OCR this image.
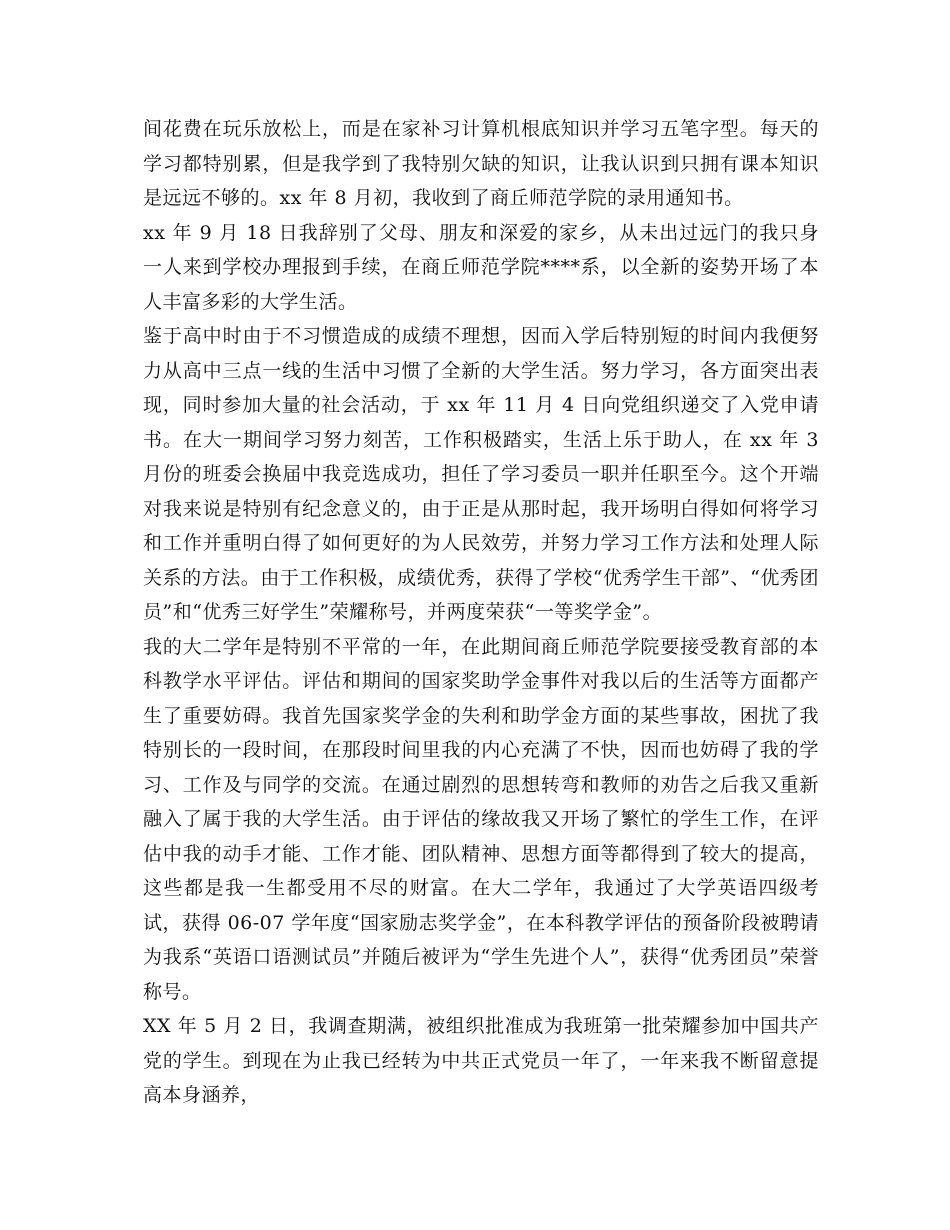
间花费在玩乐放松上，而是在家补习计算机根底知识并学习五笔字型。每天的学习都特别累，但是我学到了我特别欠缺的知识，让我认识到只拥有课本知识是远远不够的。xx 年 8 月初，我收到了商丘师范学院的录用通知书。

xx 年 9 月 18 日我辞别了父母、朋友和深爱的家乡，从未出过远门的我只身一人来到学校办理报到手续，在商丘师范学院****系，以全新的姿势开场了本人丰富多彩的大学生活。

鉴于高中时由于不习惯造成的成绩不理想，因而入学后特别短的时间内我便努力从高中三点一线的生活中习惯了全新的大学生活。努力学习，各方面突出表现，同时参加大量的社会活动，于 xx 年 11 月 4 日向党组织递交了入党申请书。在大一期间学习努力刻苦，工作积极踏实，生活上乐于助人，在 xx 年 3 月份的班委会换届中我竞选成功，担任了学习委员一职并任职至今。这个开端对我来说是特别有纪念意义的，由于正是从那时起，我开场明白得如何将学习和工作并重明白得了如何更好的为人民效劳，并努力学习工作方法和处理人际关系的方法。由于工作积极，成绩优秀，获得了学校“优秀学生干部”、“优秀团员”和“优秀三好学生”荣耀称号，并两度荣获“一等奖学金”。

我的大二学年是特别不平常的一年，在此期间商丘师范学院要接受教育部的本科教学水平评估。评估和期间的国家奖助学金事件对我以后的生活等方面都产生了重要妨碍。我首先国家奖学金的失利和助学金方面的某些事故，困扰了我特别长的一段时间，在那段时间里我的内心充满了不快，因而也妨碍了我的学习、工作及与同学的交流。在通过剧烈的思想转弯和教师的劝告之后我又重新融入了属于我的大学生活。由于评估的缘故我又开场了繁忙的学生工作，在评估中我的动手才能、工作才能、团队精神、思想方面等都得到了较大的提高，这些都是我一生都受用不尽的财富。在大二学年，我通过了大学英语四级考试，获得 06-07 学年度“国家励志奖学金”，在本科教学评估的预备阶段被聘请为我系“英语口语测试员”并随后被评为“学生先进个人”，获得“优秀团员”荣誉称号。

XX 年 5 月 2 日，我调查期满，被组织批准成为我班第一批荣耀参加中国共产党的学生。到现在为止我已经转为中共正式党员一年了，一年来我不断留意提高本身涵养，
